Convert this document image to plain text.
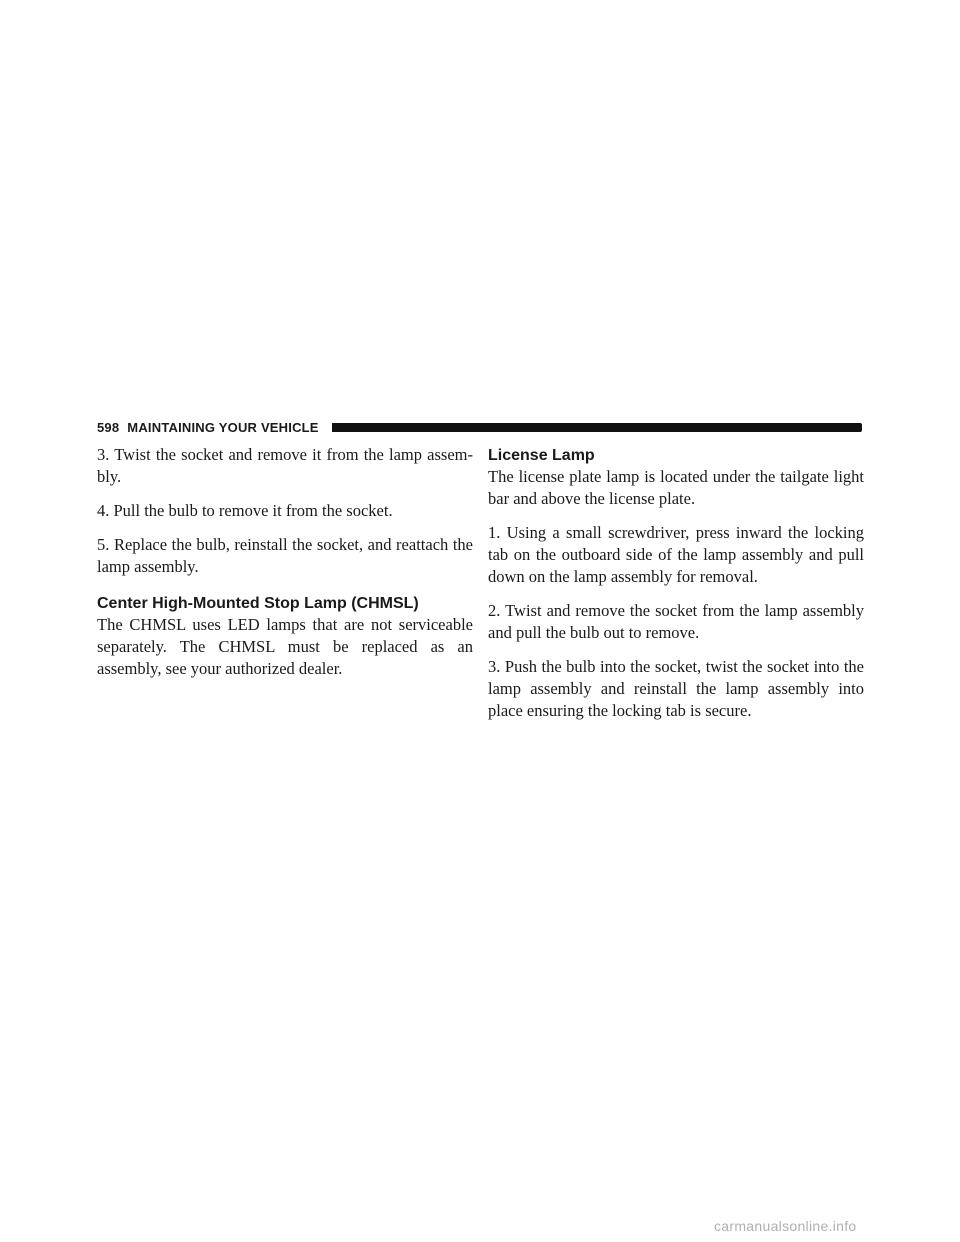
598 MAINTAINING YOUR VEHICLE

3. Twist the socket and remove it from the lamp assem-bly.

4. Pull the bulb to remove it from the socket.

5. Replace the bulb, reinstall the socket, and reattach the lamp assembly.

Center High-Mounted Stop Lamp (CHMSL)

The CHMSL uses LED lamps that are not serviceable separately. The CHMSL must be replaced as an assembly, see your authorized dealer.

License Lamp

The license plate lamp is located under the tailgate light bar and above the license plate.

1. Using a small screwdriver, press inward the locking tab on the outboard side of the lamp assembly and pull down on the lamp assembly for removal.

2. Twist and remove the socket from the lamp assembly and pull the bulb out to remove.

3. Push the bulb into the socket, twist the socket into the lamp assembly and reinstall the lamp assembly into place ensuring the locking tab is secure.

carmanualsonline.info
